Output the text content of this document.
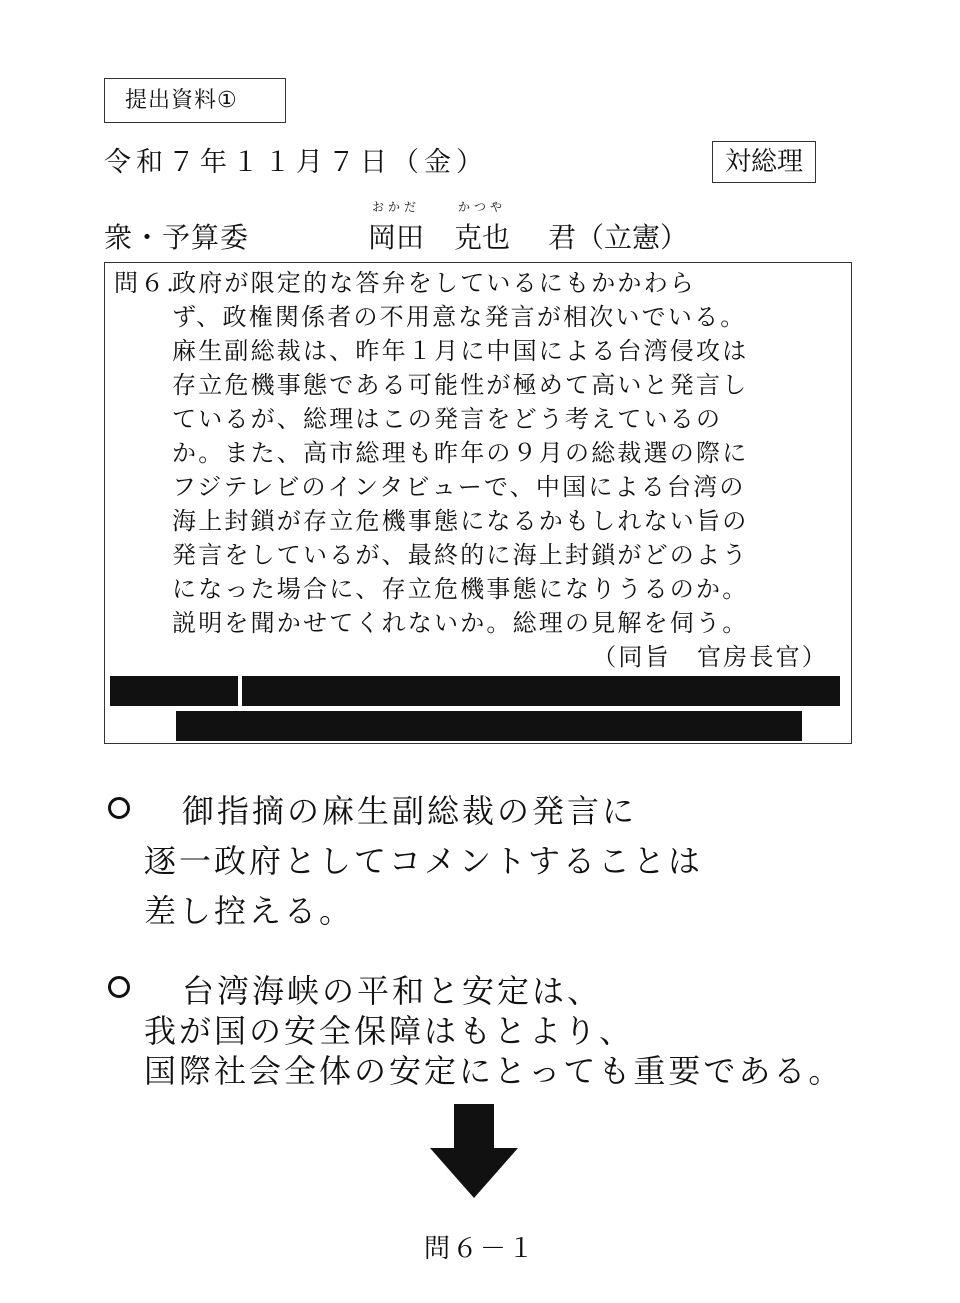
提出資料①
令和７年１１月７日（金）	対総理
衆・予算委
おかだ
岡田
かつや
克也 君（立憲）
問６．
政府が限定的な答弁をしているにもかかわら
ず、政権関係者の不用意な発言が相次いでいる。
麻生副総裁は、昨年１月に中国による台湾侵攻は
存立危機事態である可能性が極めて高いと発言し
ているが、総理はこの発言をどう考えているの
か。また、高市総理も昨年の９月の総裁選の際に
フジテレビのインタビューで、中国による台湾の
海上封鎖が存立危機事態になるかもしれない旨の
発言をしているが、最終的に海上封鎖がどのよう
になった場合に、存立危機事態になりうるのか。
説明を聞かせてくれないか。総理の見解を伺う。
（同旨　官房長官）
御指摘の麻生副総裁の発言に
逐一政府としてコメントすることは
差し控える。
台湾海峡の平和と安定は、
我が国の安全保障はもとより、
国際社会全体の安定にとっても重要である。
問６－１
